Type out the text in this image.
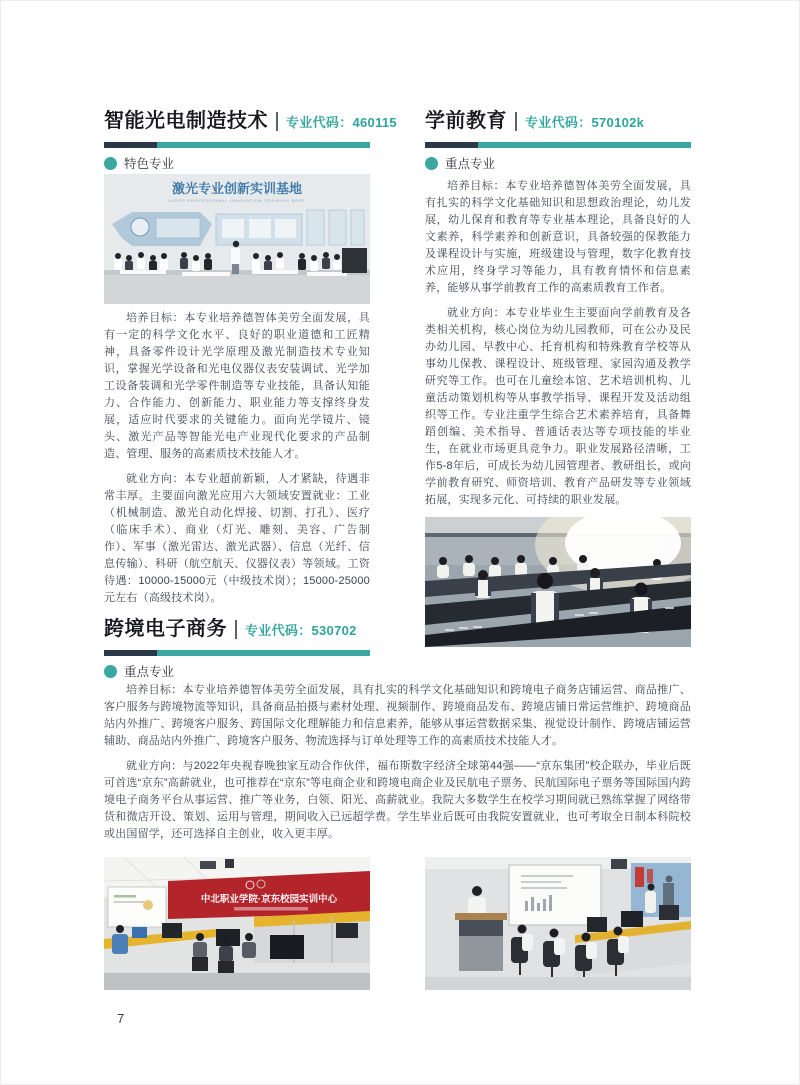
智能光电制造技术 专业代码：460115
特色专业
激光专业创新实训基地
LASER PROFESSIONAL INNOVATION TRAINING BASE

培养目标：本专业培养德智体美劳全面发展，具有一定的科学文化水平、良好的职业道德和工匠精神，具备零件设计光学原理及激光制造技术专业知识，掌握光学设备和光电仪器仪表安装调试、光学加工设备装调和光学零件制造等专业技能，具备认知能力、合作能力、创新能力、职业能力等支撑终身发展，适应时代要求的关键能力。面向光学镜片、镜头、激光产品等智能光电产业现代化要求的产品制造、管理、服务的高素质技术技能人才。

就业方向：本专业超前新颖，人才紧缺，待遇非常丰厚。主要面向激光应用六大领域安置就业：工业（机械制造、激光自动化焊接、切割、打孔）、医疗（临床手术）、商业（灯光、雕刻、美容、广告制作）、军事（激光雷达、激光武器）、信息（光纤、信息传输）、科研（航空航天、仪器仪表）等领域。工资待遇：10000-15000元（中级技术岗）；15000-25000元左右（高级技术岗）。

学前教育 专业代码：570102k
重点专业

培养目标：本专业培养德智体美劳全面发展，具有扎实的科学文化基础知识和思想政治理论，幼儿发展，幼儿保育和教育等专业基本理论，具备良好的人文素养，科学素养和创新意识，具备较强的保教能力及课程设计与实施，班级建设与管理，数字化教育技术应用，终身学习等能力，具有教育情怀和信息素养，能够从事学前教育工作的高素质教育工作者。

就业方向：本专业毕业生主要面向学前教育及各类相关机构，核心岗位为幼儿园教师，可在公办及民办幼儿园、早教中心、托育机构和特殊教育学校等从事幼儿保教、课程设计、班级管理、家园沟通及教学研究等工作。也可在儿童绘本馆、艺术培训机构、儿童活动策划机构等从事教学指导、课程开发及活动组织等工作。专业注重学生综合艺术素养培育，具备舞蹈创编、美术指导、普通话表达等专项技能的毕业生，在就业市场更具竞争力。职业发展路径清晰，工作5-8年后，可成长为幼儿园管理者、教研组长，或向学前教育研究、师资培训、教育产品研发等专业领域拓展，实现多元化、可持续的职业发展。

跨境电子商务 专业代码：530702
重点专业

培养目标：本专业培养德智体美劳全面发展，具有扎实的科学文化基础知识和跨境电子商务店铺运营、商品推广、客户服务与跨境物流等知识，具备商品拍摄与素材处理、视频制作、跨境商品发布、跨境店铺日常运营维护、跨境商品站内外推广、跨境客户服务、跨国际文化理解能力和信息素养，能够从事运营数据采集、视觉设计制作、跨境店铺运营辅助、商品站内外推广、跨境客户服务、物流选择与订单处理等工作的高素质技术技能人才。

就业方向：与2022年央视春晚独家互动合作伙伴，福布斯数字经济全球第44强——“京东集团”校企联办，毕业后既可首选“京东”高薪就业，也可推荐在“京东”等电商企业和跨境电商企业及民航电子票务、民航国际电子票务等国际国内跨境电子商务平台从事运营、推广等业务，白领、阳光、高薪就业。我院大多数学生在校学习期间就已熟练掌握了网络带货和微店开设、策划、运用与管理，期间收入已远超学费。学生毕业后既可由我院安置就业，也可考取全日制本科院校或出国留学，还可选择自主创业，收入更丰厚。

中北职业学院·京东校园实训中心
7
